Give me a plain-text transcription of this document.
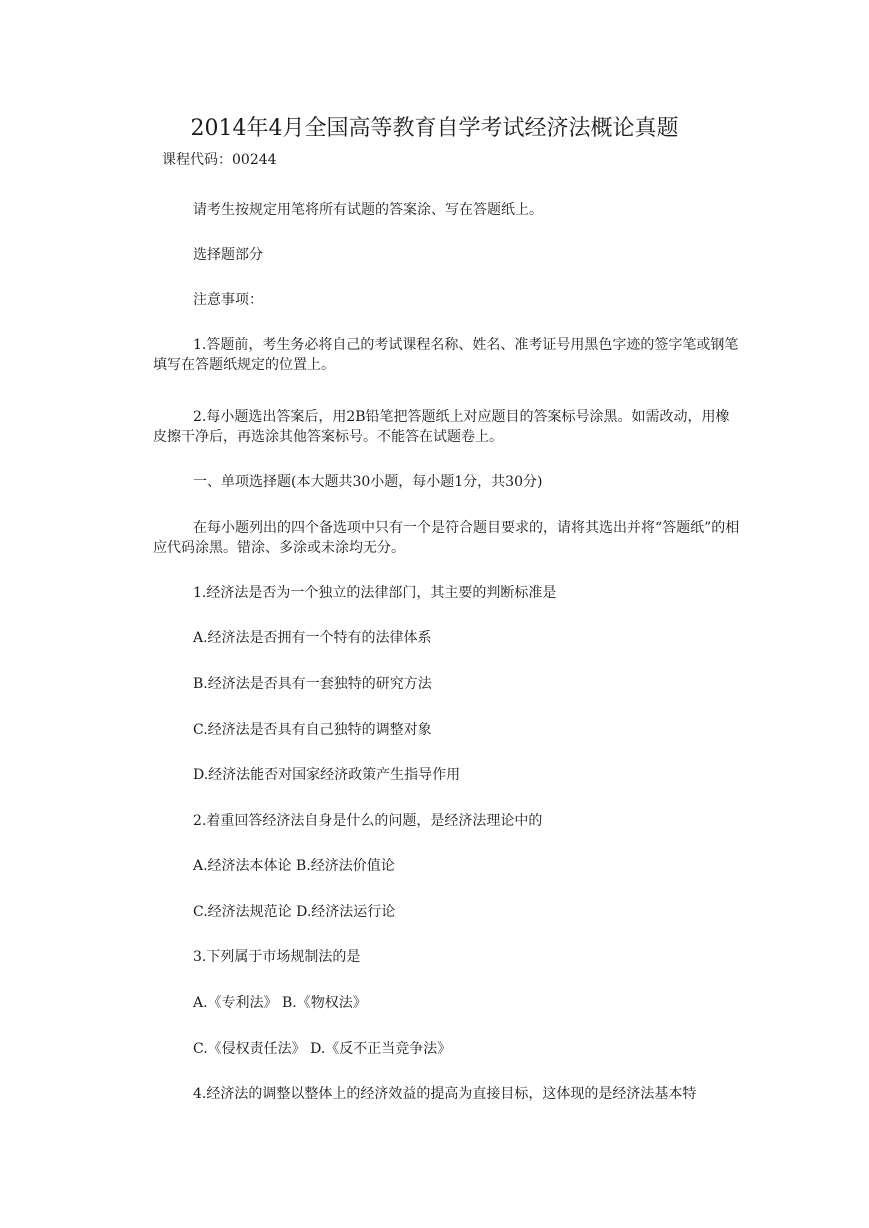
2014年4月全国高等教育自学考试经济法概论真题

课程代码：00244

请考生按规定用笔将所有试题的答案涂、写在答题纸上。

选择题部分

注意事项：

1.答题前，考生务必将自己的考试课程名称、姓名、准考证号用黑色字迹的签字笔或钢笔填写在答题纸规定的位置上。

2.每小题选出答案后，用2B铅笔把答题纸上对应题目的答案标号涂黑。如需改动，用橡皮擦干净后，再选涂其他答案标号。不能答在试题卷上。

一、单项选择题(本大题共30小题，每小题1分，共30分)

在每小题列出的四个备选项中只有一个是符合题目要求的，请将其选出并将“答题纸”的相应代码涂黑。错涂、多涂或未涂均无分。

1.经济法是否为一个独立的法律部门，其主要的判断标准是

A.经济法是否拥有一个特有的法律体系

B.经济法是否具有一套独特的研究方法

C.经济法是否具有自己独特的调整对象

D.经济法能否对国家经济政策产生指导作用

2.着重回答经济法自身是什么的问题，是经济法理论中的

A.经济法本体论 B.经济法价值论

C.经济法规范论 D.经济法运行论

3.下列属于市场规制法的是

A.《专利法》 B.《物权法》

C.《侵权责任法》 D.《反不正当竞争法》

4.经济法的调整以整体上的经济效益的提高为直接目标，这体现的是经济法基本特
